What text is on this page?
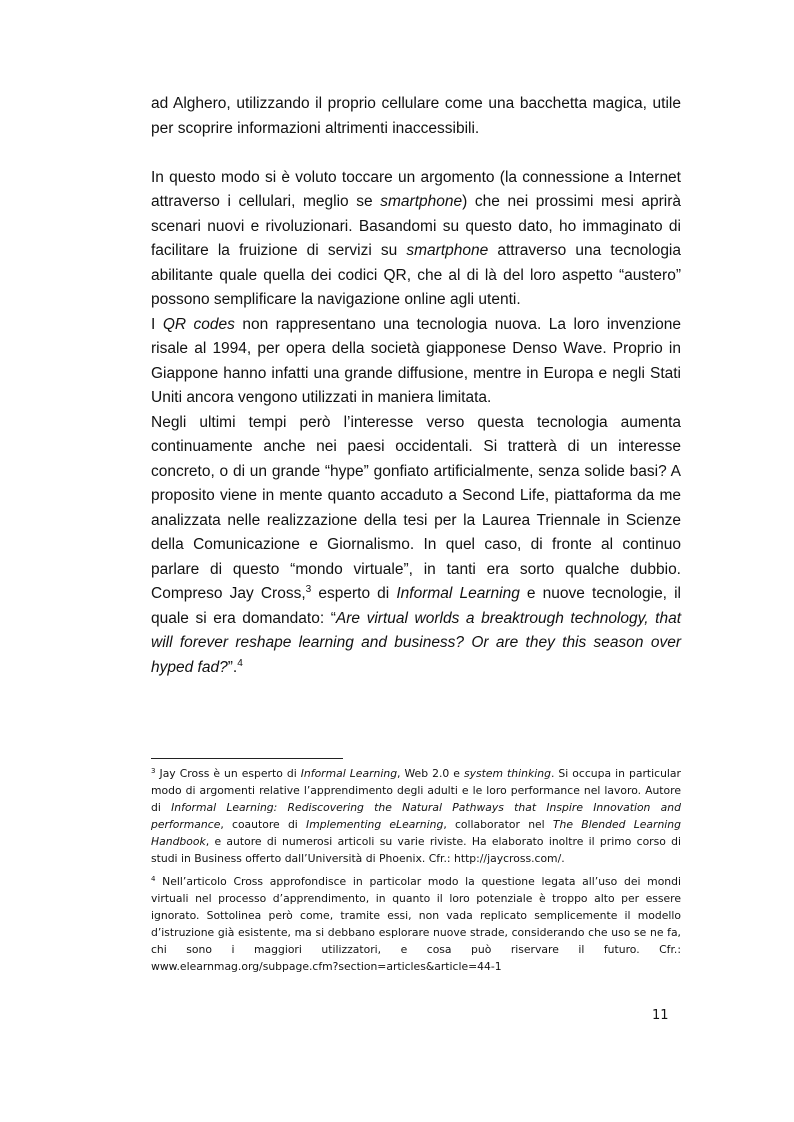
ad Alghero, utilizzando il proprio cellulare come una bacchetta magica, utile per scoprire informazioni altrimenti inaccessibili.

In questo modo si è voluto toccare un argomento (la connessione a Internet attraverso i cellulari, meglio se smartphone) che nei prossimi mesi aprirà scenari nuovi e rivoluzionari. Basandomi su questo dato, ho immaginato di facilitare la fruizione di servizi su smartphone attraverso una tecnologia abilitante quale quella dei codici QR, che al di là del loro aspetto “austero” possono semplificare la navigazione online agli utenti.

I QR codes non rappresentano una tecnologia nuova. La loro invenzione risale al 1994, per opera della società giapponese Denso Wave. Proprio in Giappone hanno infatti una grande diffusione, mentre in Europa e negli Stati Uniti ancora vengono utilizzati in maniera limitata.

Negli ultimi tempi però l’interesse verso questa tecnologia aumenta continuamente anche nei paesi occidentali. Si tratterà di un interesse concreto, o di un grande “hype” gonfiato artificialmente, senza solide basi? A proposito viene in mente quanto accaduto a Second Life, piattaforma da me analizzata nelle realizzazione della tesi per la Laurea Triennale in Scienze della Comunicazione e Giornalismo. In quel caso, di fronte al continuo parlare di questo “mondo virtuale”, in tanti era sorto qualche dubbio. Compreso Jay Cross,$^3$ esperto di Informal Learning e nuove tecnologie, il quale si era domandato: “Are virtual worlds a breaktrough technology, that will forever reshape learning and business? Or are they this season over hyped fad?”.$^4$

$^3$ Jay Cross è un esperto di Informal Learning, Web 2.0 e system thinking. Si occupa in particular modo di argomenti relative l’apprendimento degli adulti e le loro performance nel lavoro. Autore di Informal Learning: Rediscovering the Natural Pathways that Inspire Innovation and performance, coautore di Implementing eLearning, collaborator nel The Blended Learning Handbook, e autore di numerosi articoli su varie riviste. Ha elaborato inoltre il primo corso di studi in Business offerto dall’Università di Phoenix. Cfr.: http://jaycross.com/.
$^4$ Nell’articolo Cross approfondisce in particolar modo la questione legata all’uso dei mondi virtuali nel processo d’apprendimento, in quanto il loro potenziale è troppo alto per essere ignorato. Sottolinea però come, tramite essi, non vada replicato semplicemente il modello d’istruzione già esistente, ma si debbano esplorare nuove strade, considerando che uso se ne fa, chi sono i maggiori utilizzatori, e cosa può riservare il futuro. Cfr.: www.elearnmag.org/subpage.cfm?section=articles&article=44-1
11
